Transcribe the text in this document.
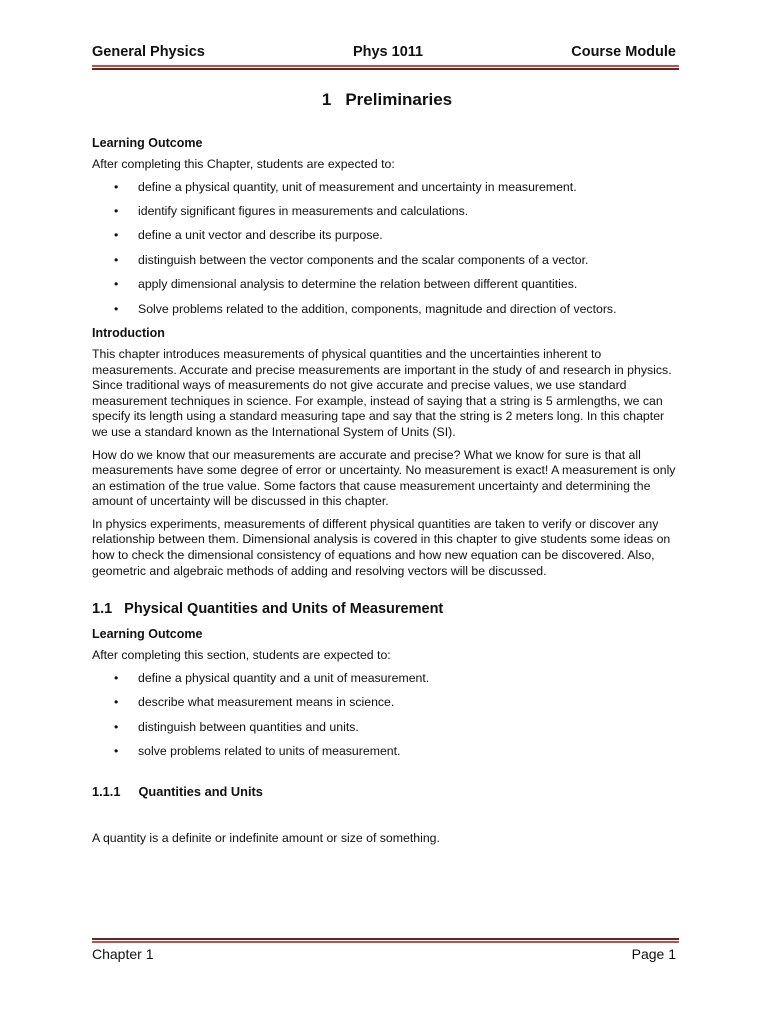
General Physics	Phys 1011	Course Module
1 Preliminaries
Learning Outcome

After completing this Chapter, students are expected to:

• define a physical quantity, unit of measurement and uncertainty in measurement.
• identify significant figures in measurements and calculations.
• define a unit vector and describe its purpose.
• distinguish between the vector components and the scalar components of a vector.
• apply dimensional analysis to determine the relation between different quantities.
• Solve problems related to the addition, components, magnitude and direction of vectors.
Introduction

This chapter introduces measurements of physical quantities and the uncertainties inherent to measurements. Accurate and precise measurements are important in the study of and research in physics. Since traditional ways of measurements do not give accurate and precise values, we use standard measurement techniques in science. For example, instead of saying that a string is 5 armlengths, we can specify its length using a standard measuring tape and say that the string is 2 meters long. In this chapter we use a standard known as the International System of Units (SI).

How do we know that our measurements are accurate and precise? What we know for sure is that all measurements have some degree of error or uncertainty. No measurement is exact! A measurement is only an estimation of the true value. Some factors that cause measurement uncertainty and determining the amount of uncertainty will be discussed in this chapter.

In physics experiments, measurements of different physical quantities are taken to verify or discover any relationship between them. Dimensional analysis is covered in this chapter to give students some ideas on how to check the dimensional consistency of equations and how new equation can be discovered. Also, geometric and algebraic methods of adding and resolving vectors will be discussed.

1.1 Physical Quantities and Units of Measurement
Learning Outcome

After completing this section, students are expected to:

• define a physical quantity and a unit of measurement.
• describe what measurement means in science.
• distinguish between quantities and units.
• solve problems related to units of measurement.
1.1.1 Quantities and Units

A quantity is a definite or indefinite amount or size of something.

Chapter 1	Page 1
